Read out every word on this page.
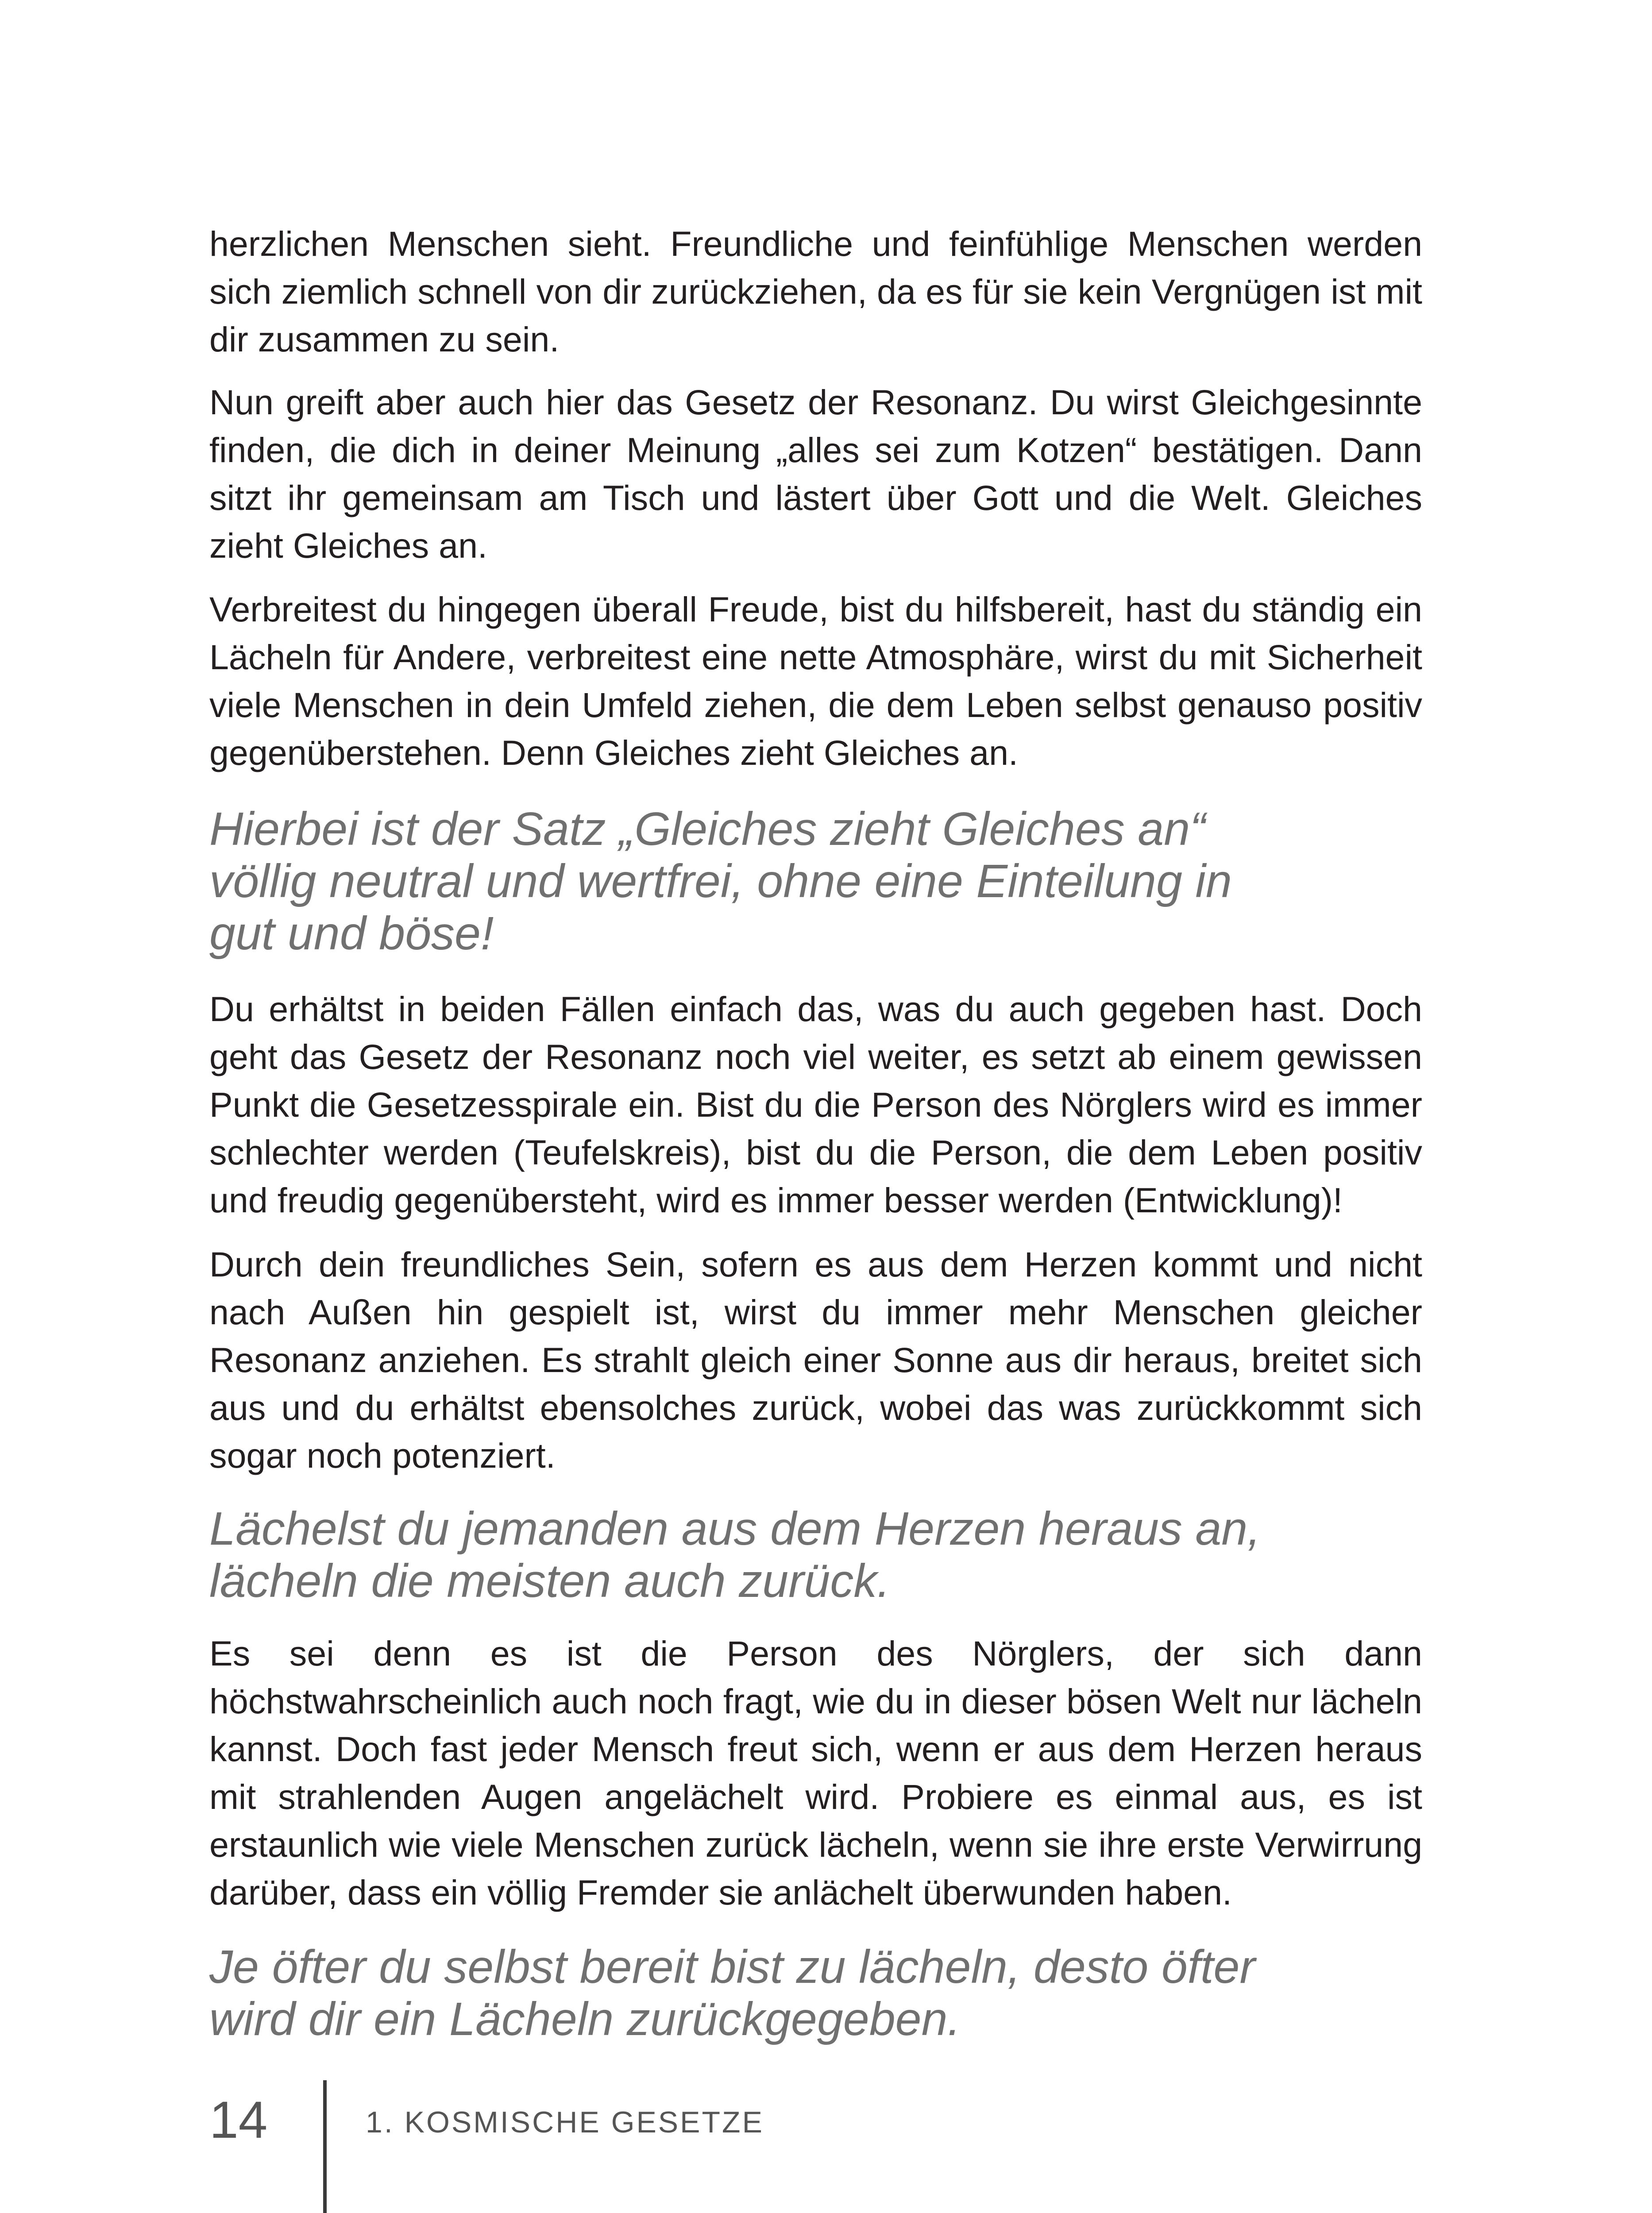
herzlichen Menschen sieht. Freundliche und feinfühlige Menschen werden sich ziemlich schnell von dir zurückziehen, da es für sie kein Vergnügen ist mit dir zusammen zu sein.

Nun greift aber auch hier das Gesetz der Resonanz. Du wirst Gleichgesinnte finden, die dich in deiner Meinung „alles sei zum Kotzen“ bestätigen. Dann sitzt ihr gemeinsam am Tisch und lästert über Gott und die Welt. Gleiches zieht Gleiches an.

Verbreitest du hingegen überall Freude, bist du hilfsbereit, hast du ständig ein Lächeln für Andere, verbreitest eine nette Atmosphäre, wirst du mit Sicherheit viele Menschen in dein Umfeld ziehen, die dem Leben selbst genauso positiv gegenüberstehen. Denn Gleiches zieht Gleiches an.

Hierbei ist der Satz „Gleiches zieht Gleiches an“ völlig neutral und wertfrei, ohne eine Einteilung in gut und böse!

Du erhältst in beiden Fällen einfach das, was du auch gegeben hast. Doch geht das Gesetz der Resonanz noch viel weiter, es setzt ab einem gewissen Punkt die Gesetzesspirale ein. Bist du die Person des Nörglers wird es immer schlechter werden (Teufelskreis), bist du die Person, die dem Leben positiv und freudig gegenübersteht, wird es immer besser werden (Entwicklung)!

Durch dein freundliches Sein, sofern es aus dem Herzen kommt und nicht nach Außen hin gespielt ist, wirst du immer mehr Menschen gleicher Resonanz anziehen. Es strahlt gleich einer Sonne aus dir heraus, breitet sich aus und du erhältst ebensolches zurück, wobei das was zurückkommt sich sogar noch potenziert.

Lächelst du jemanden aus dem Herzen heraus an, lächeln die meisten auch zurück.

Es sei denn es ist die Person des Nörglers, der sich dann höchstwahrscheinlich auch noch fragt, wie du in dieser bösen Welt nur lächeln kannst. Doch fast jeder Mensch freut sich, wenn er aus dem Herzen heraus mit strahlenden Augen angelächelt wird. Probiere es einmal aus, es ist erstaunlich wie viele Menschen zurück lächeln, wenn sie ihre erste Verwirrung darüber, dass ein völlig Fremder sie anlächelt überwunden haben.

Je öfter du selbst bereit bist zu lächeln, desto öfter wird dir ein Lächeln zurückgegeben.

14	1. KOSMISCHE GESETZE
